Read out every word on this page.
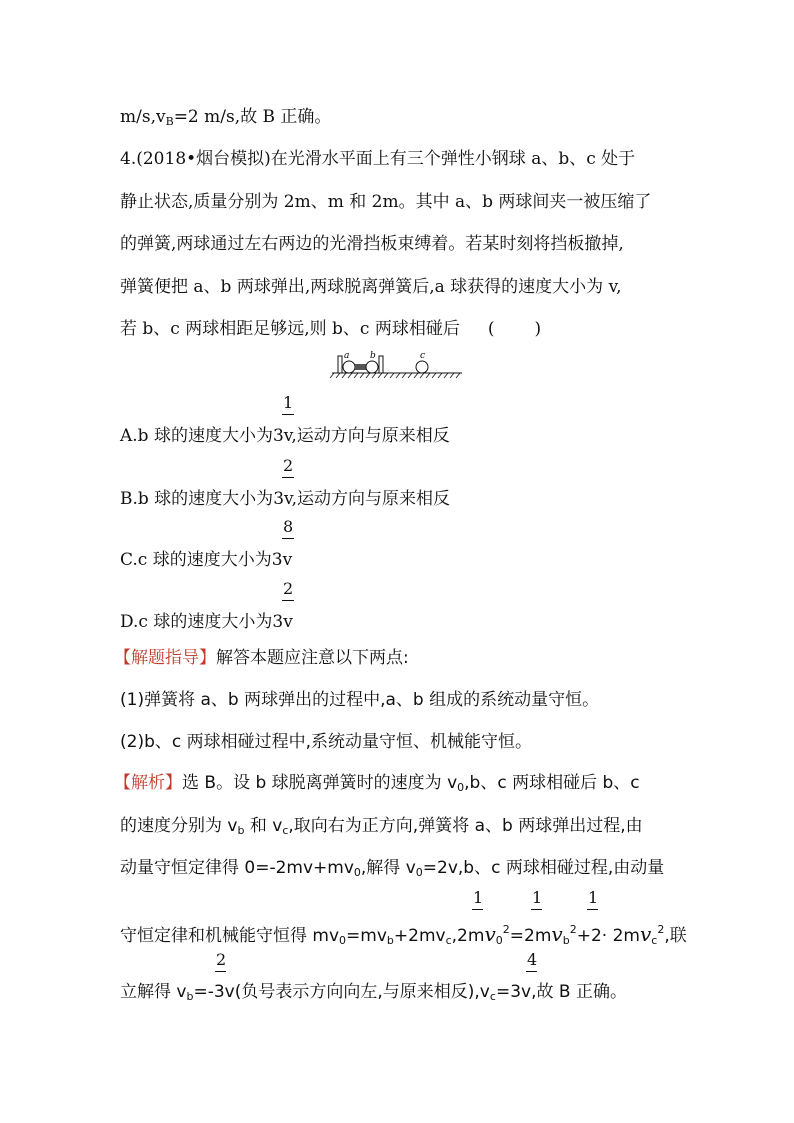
$m/s,v_B=2$ m/s,故 B 正确。
4.(2018•烟台模拟)在光滑水平面上有三个弹性小钢球 a、b、c 处于
静止状态,质量分别为 2m、m 和 2m。其中 a、b 两球间夹一被压缩了
的弹簧,两球通过左右两边的光滑挡板束缚着。若某时刻将挡板撤掉,
弹簧便把 a、b 两球弹出,两球脱离弹簧后,a 球获得的速度大小为 v,
若 b、c 两球相距足够远,则 b、c 两球相碰后 ( )
a b	c
1
A.b 球的速度大小为3v,运动方向与原来相反
2
B.b 球的速度大小为3v,运动方向与原来相反
8
C.c 球的速度大小为3v
2
D.c 球的速度大小为3v
【解题指导】解答本题应注意以下两点:
(1)弹簧将 a、b 两球弹出的过程中,a、b 组成的系统动量守恒。
(2)b、c 两球相碰过程中,系统动量守恒、机械能守恒。
【解析】选 B。设 b 球脱离弹簧时的速度为 $v_0,b$、c 两球相碰后 b、c
的速度分别为 $v_b$ 和 $v_c$,取向右为正方向,弹簧将 a、b 两球弹出过程,由
动量守恒定律得 $0=-2mv+mv_0$,解得 $v_0=2v,b$、c 两球相碰过程,由动量
1	1	1
守恒定律和机械能守恒得 $mv_0=mv_b+2mv_c,2mv_0^2=2mv_b^2+2\cdot 2mv_c^2$,联
2	4
立解得 $v_b=-3v$(负号表示方向向左,与原来相反)$,v_c=3v$,故 B 正确。
